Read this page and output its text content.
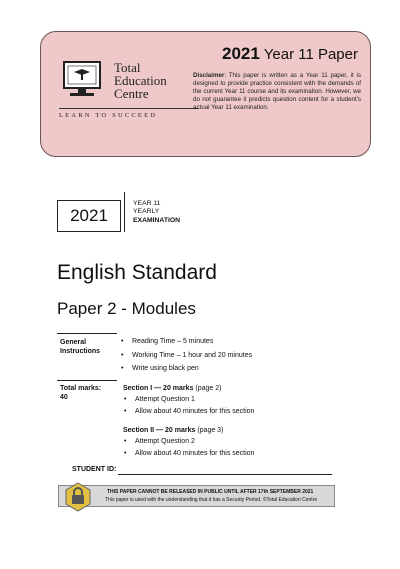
Total
Education
Centre
LEARN TO SUCCEED
2021 Year 11 Paper
Disclaimer: This paper is written as a Year 11 paper, it is designed to provide practice consistent with the demands of the current Year 11 course and its examination. However, we do not guarantee it predicts question content for a student's actual Year 11 examination.
2021
YEAR 11
YEARLY
EXAMINATION
English Standard
Paper 2 - Modules
General
Instructions
• Reading Time – 5 minutes
• Working Time – 1 hour and 20 minutes
• Write using black pen
Total marks:
40
Section I — 20 marks (page 2)
• Attempt Question 1
• Allow about 40 minutes for this section
Section II — 20 marks (page 3)
• Attempt Question 2
• Allow about 40 minutes for this section
STUDENT ID:
THIS PAPER CANNOT BE RELEASED IN PUBLIC UNTIL AFTER 17th SEPTEMBER 2021
This paper is used with the understanding that it has a Security Period. ©Total Education Centre
